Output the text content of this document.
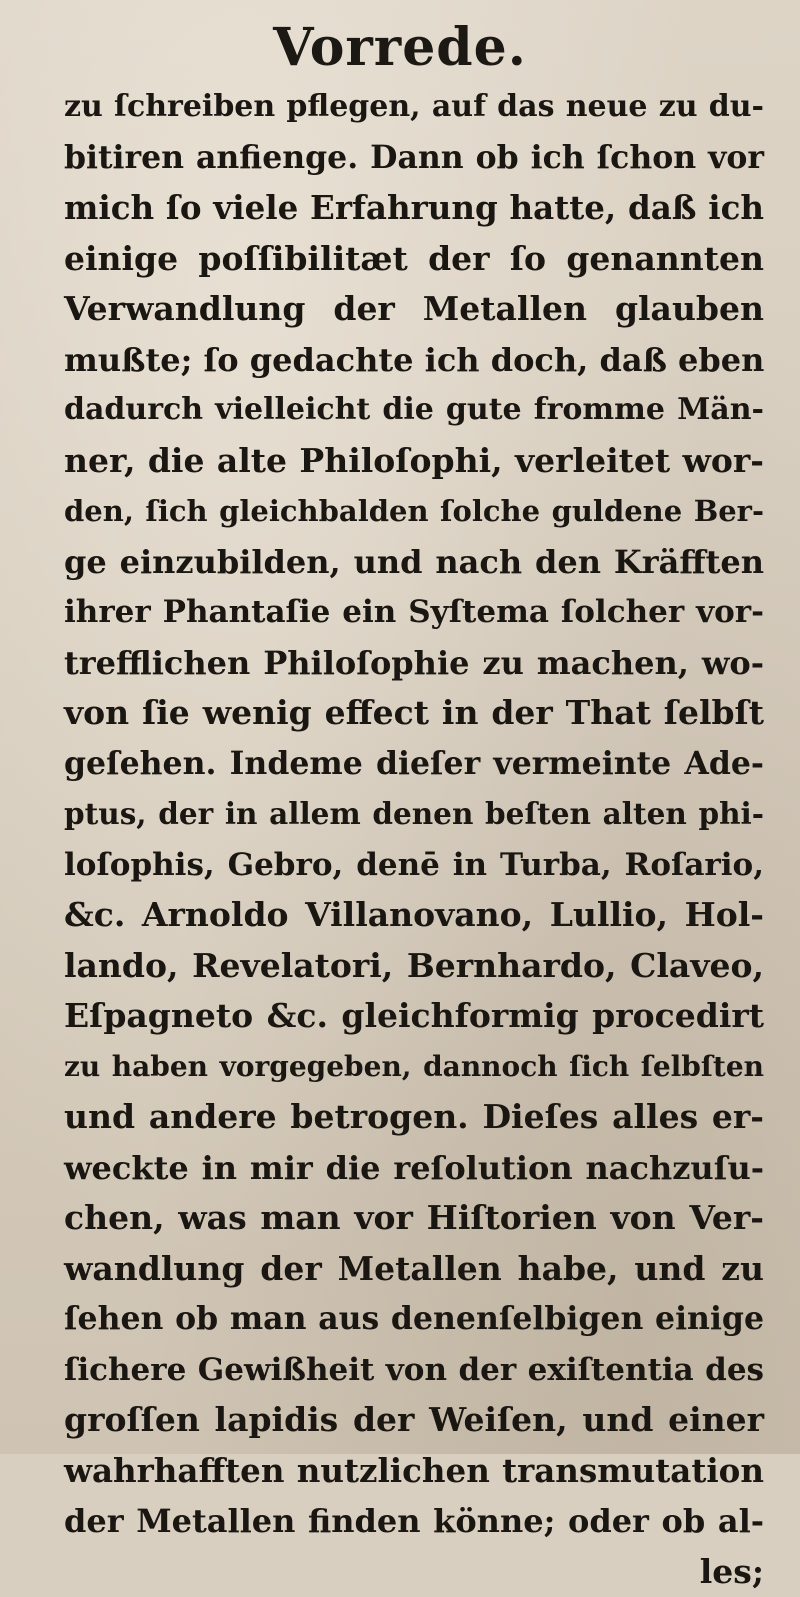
Vorrede.
zu ſchreiben pflegen, auf das neue zu du-
bitiren anfienge. Dann ob ich ſchon vor
mich ſo viele Erfahrung hatte, daß ich
einige poſſibilitæt der ſo genannten
Verwandlung der Metallen glauben
mußte; ſo gedachte ich doch, daß eben
dadurch vielleicht die gute fromme Män-
ner, die alte Philoſophi, verleitet wor-
den, ſich gleichbalden ſolche guldene Ber-
ge einzubilden, und nach den Kräfften
ihrer Phantaſie ein Syſtema ſolcher vor-
trefflichen Philoſophie zu machen, wo-
von ſie wenig effect in der That ſelbſt
geſehen. Indeme dieſer vermeinte Ade-
ptus, der in allem denen beſten alten phi-
loſophis, Gebro, denē in Turba, Roſario,
&c. Arnoldo Villanovano, Lullio, Hol-
lando, Revelatori, Bernhardo, Claveo,
Eſpagneto &c. gleichformig procedirt
zu haben vorgegeben, dannoch ſich ſelbſten
und andere betrogen. Dieſes alles er-
weckte in mir die reſolution nachzuſu-
chen, was man vor Hiſtorien von Ver-
wandlung der Metallen habe, und zu
ſehen ob man aus denenſelbigen einige
ſichere Gewißheit von der exiſtentia des
groſſen lapidis der Weiſen, und einer
wahrhafften nutzlichen transmutation
der Metallen finden könne; oder ob al-
les;
